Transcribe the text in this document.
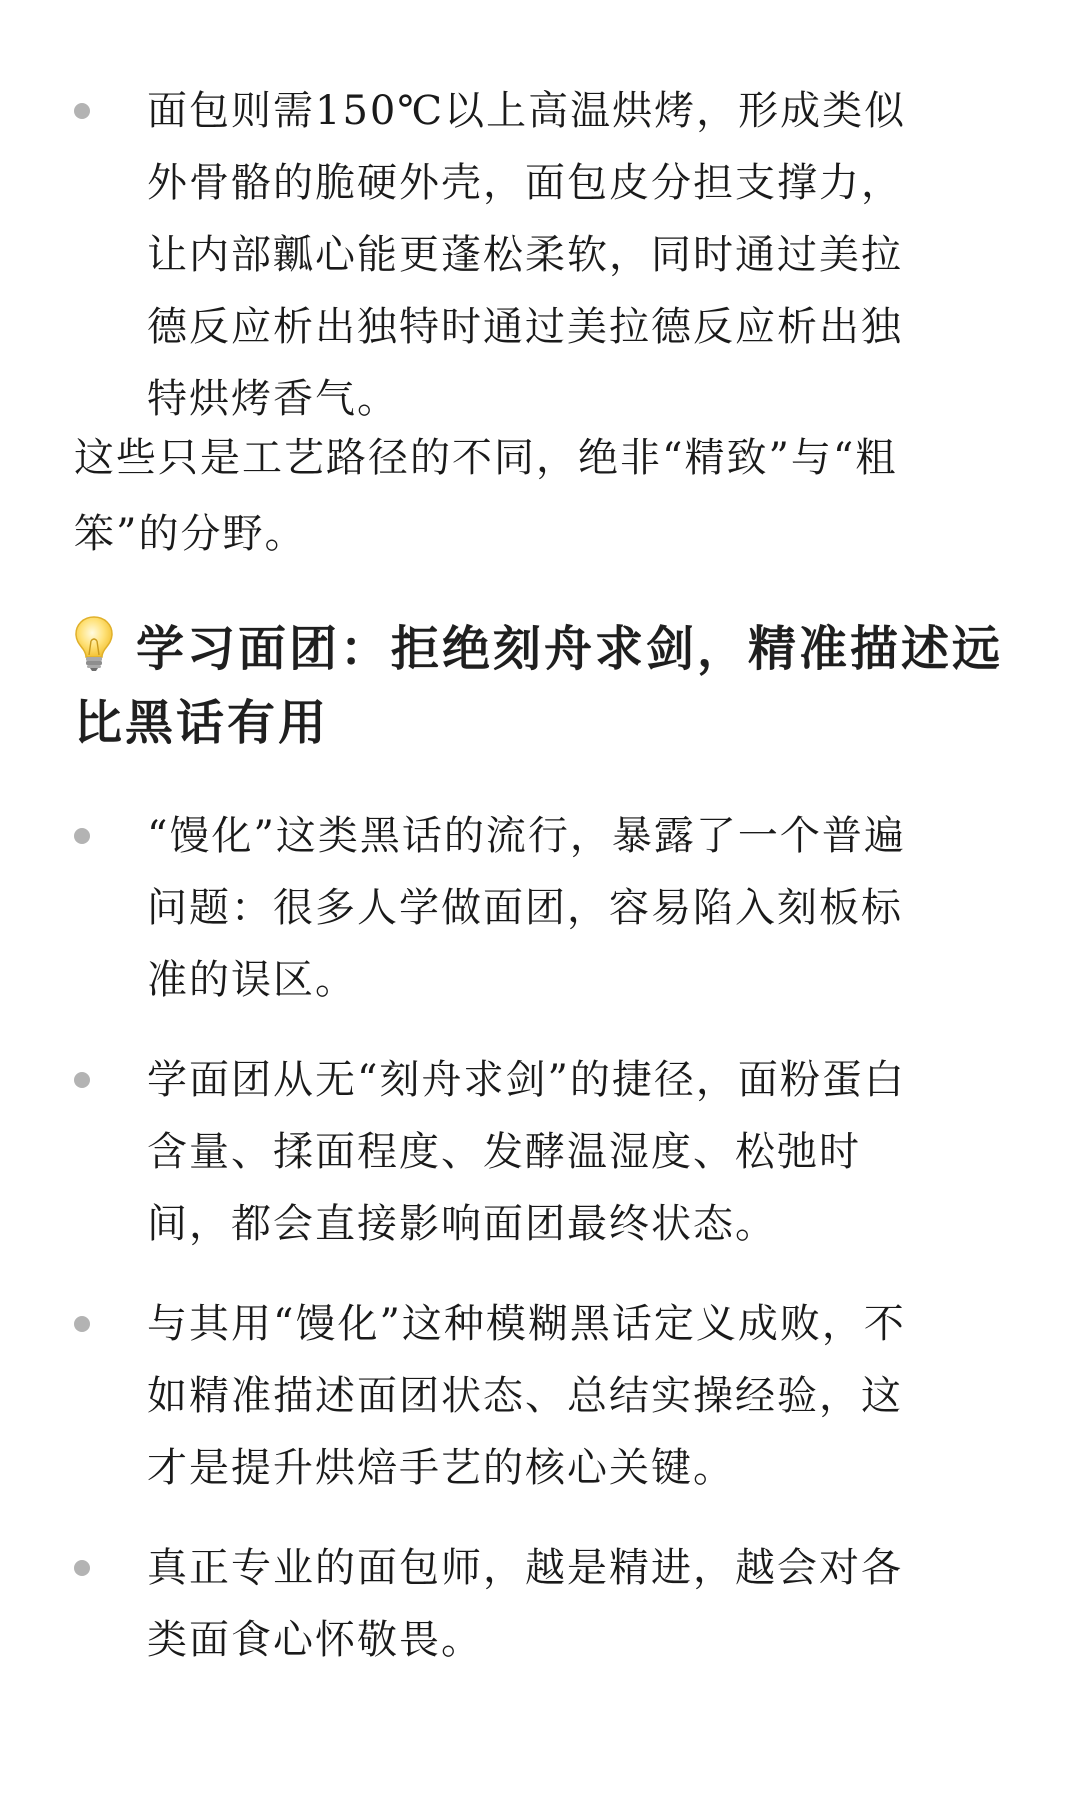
面包则需150℃以上高温烘烤，形成类似外骨骼的脆硬外壳，面包皮分担支撑力，让内部瓤心能更蓬松柔软，同时通过美拉德反应析出独特时通过美拉德反应析出独特烘烤香气。

这些只是工艺路径的不同，绝非“精致”与“粗笨”的分野。

学习面团：拒绝刻舟求剑，精准描述远比黑话有用
“馒化”这类黑话的流行，暴露了一个普遍问题：很多人学做面团，容易陷入刻板标准的误区。
学面团从无“刻舟求剑”的捷径，面粉蛋白含量、揉面程度、发酵温湿度、松弛时间，都会直接影响面团最终状态。
与其用“馒化”这种模糊黑话定义成败，不如精准描述面团状态、总结实操经验，这才是提升烘焙手艺的核心关键。
真正专业的面包师，越是精进，越会对各类面食心怀敬畏。
